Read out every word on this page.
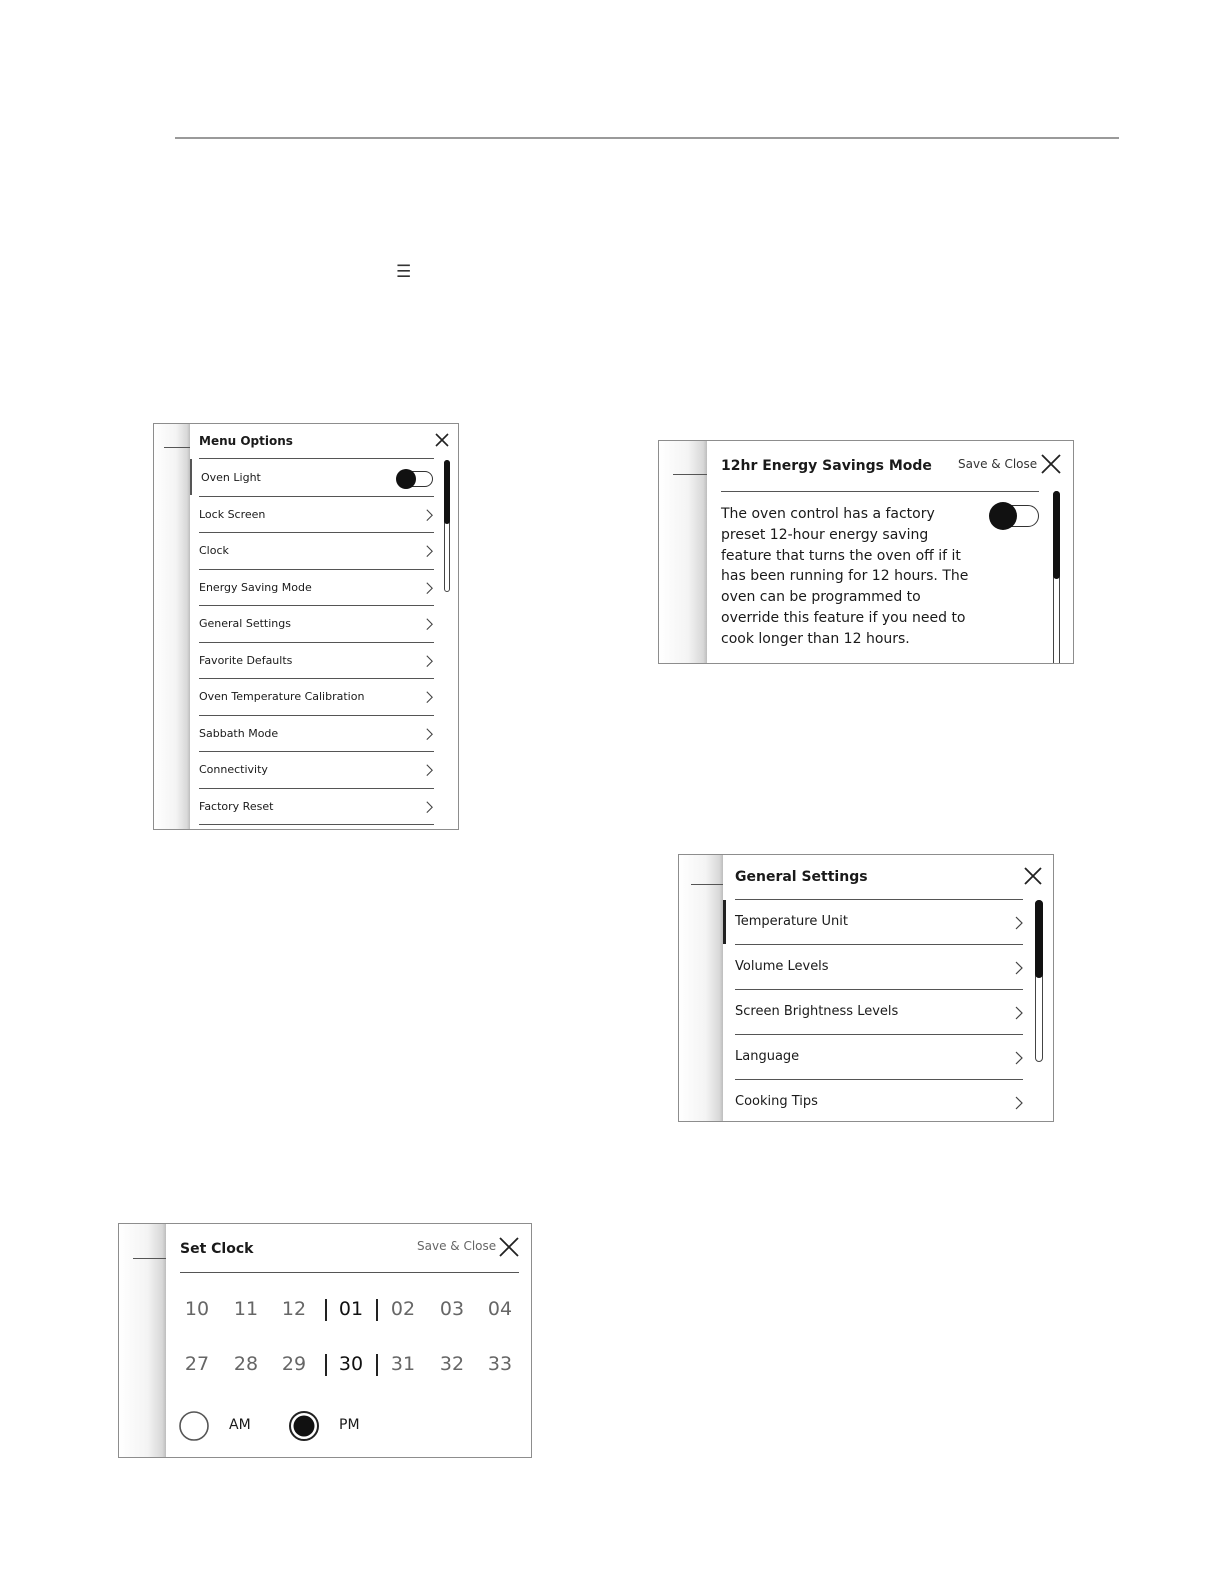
☰
Menu Options
Oven Light
Lock Screen
Clock
Energy Saving Mode
General Settings
Favorite Defaults
Oven Temperature Calibration
Sabbath Mode
Connectivity
Factory Reset
12hr Energy Savings Mode Save & Close
The oven control has a factory
preset 12-hour energy saving
feature that turns the oven off if it
has been running for 12 hours. The
oven can be programmed to
override this feature if you need to
cook longer than 12 hours.
General Settings
Temperature Unit
Volume Levels
Screen Brightness Levels
Language
Cooking Tips
Set Clock	Save & Close
10 11 12 01 02 03 04
27 28 29 30 31 32 33
AM	PM
